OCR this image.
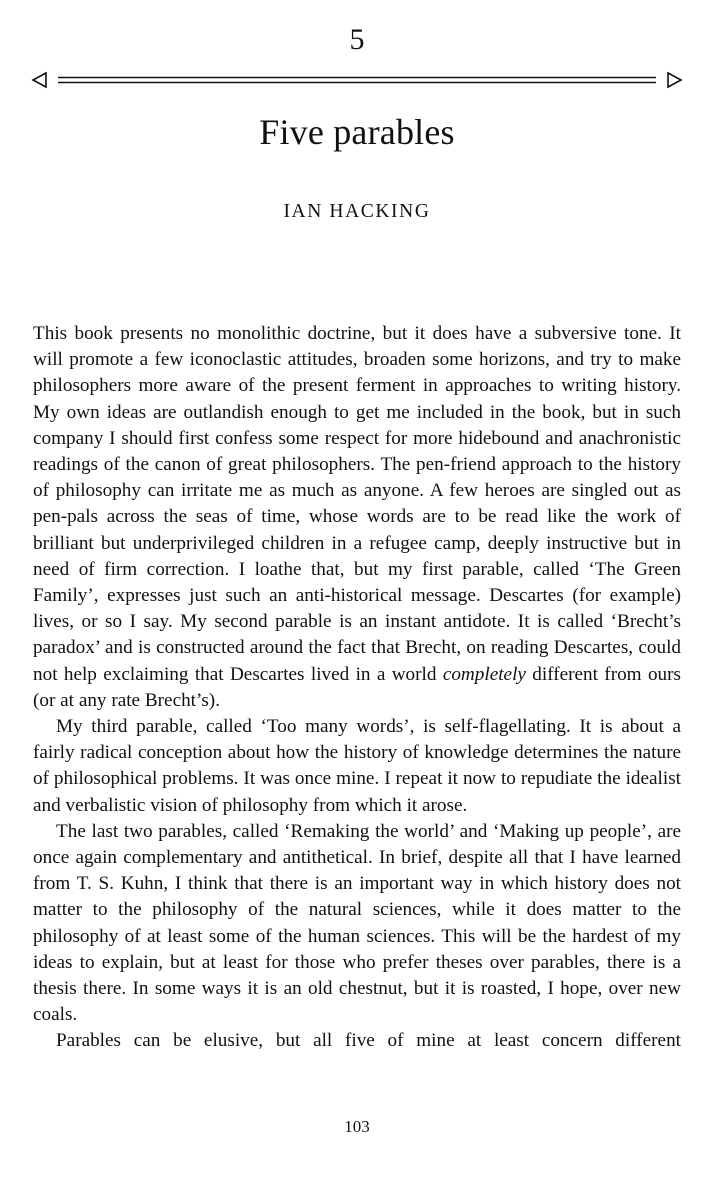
5
Five parables
IAN HACKING

This book presents no monolithic doctrine, but it does have a subversive tone. It will promote a few iconoclastic attitudes, broaden some horizons, and try to make philosophers more aware of the present ferment in approaches to writing history. My own ideas are outlandish enough to get me included in the book, but in such company I should first confess some respect for more hidebound and anachronistic readings of the canon of great philosophers. The pen-friend approach to the history of philosophy can irritate me as much as anyone. A few heroes are singled out as pen-pals across the seas of time, whose words are to be read like the work of brilliant but underprivileged children in a refugee camp, deeply instructive but in need of firm correction. I loathe that, but my first parable, called ‘The Green Family’, expresses just such an anti-historical message. Descartes (for example) lives, or so I say. My second parable is an instant antidote. It is called ‘Brecht’s paradox’ and is constructed around the fact that Brecht, on reading Descartes, could not help exclaiming that Descartes lived in a world completely different from ours (or at any rate Brecht’s).

My third parable, called ‘Too many words’, is self-flagellating. It is about a fairly radical conception about how the history of knowledge determines the nature of philosophical problems. It was once mine. I repeat it now to repudiate the idealist and verbalistic vision of philosophy from which it arose.

The last two parables, called ‘Remaking the world’ and ‘Making up people’, are once again complementary and antithetical. In brief, despite all that I have learned from T. S. Kuhn, I think that there is an important way in which history does not matter to the philosophy of the natural sciences, while it does matter to the philosophy of at least some of the human sciences. This will be the hardest of my ideas to explain, but at least for those who prefer theses over parables, there is a thesis there. In some ways it is an old chestnut, but it is roasted, I hope, over new coals.

Parables can be elusive, but all five of mine at least concern different

103
